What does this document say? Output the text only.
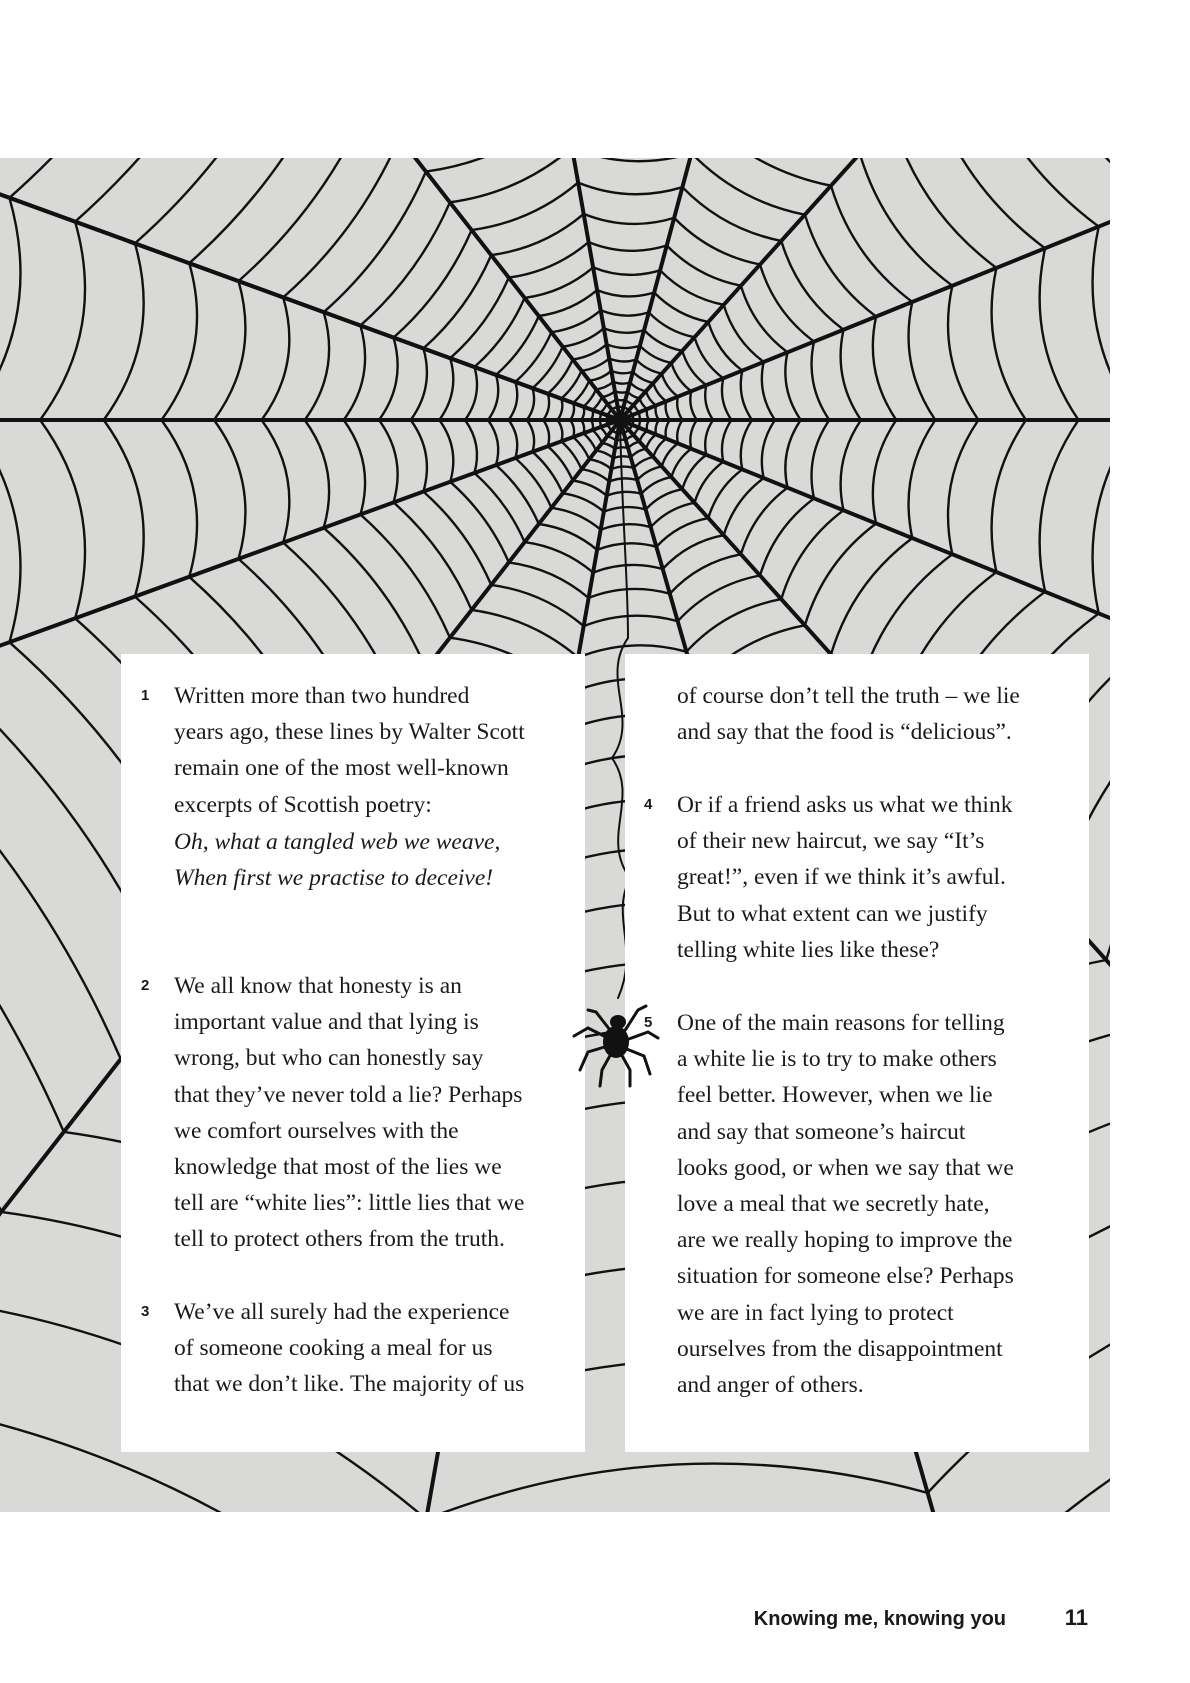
1 Written more than two hundred
years ago, these lines by Walter Scott
remain one of the most well-known
excerpts of Scottish poetry:

Oh, what a tangled web we weave,
When first we practise to deceive!

2 We all know that honesty is an
important value and that lying is
wrong, but who can honestly say
that they’ve never told a lie? Perhaps
we comfort ourselves with the
knowledge that most of the lies we
tell are “white lies”: little lies that we
tell to protect others from the truth.

3 We’ve all surely had the experience
of someone cooking a meal for us
that we don’t like. The majority of us

of course don’t tell the truth – we lie
and say that the food is “delicious”.

4 Or if a friend asks us what we think
of their new haircut, we say “It’s
great!”, even if we think it’s awful.
But to what extent can we justify
telling white lies like these?

5 One of the main reasons for telling
a white lie is to try to make others
feel better. However, when we lie
and say that someone’s haircut
looks good, or when we say that we
love a meal that we secretly hate,
are we really hoping to improve the
situation for someone else? Perhaps
we are in fact lying to protect
ourselves from the disappointment
and anger of others.

Knowing me, knowing you	11
